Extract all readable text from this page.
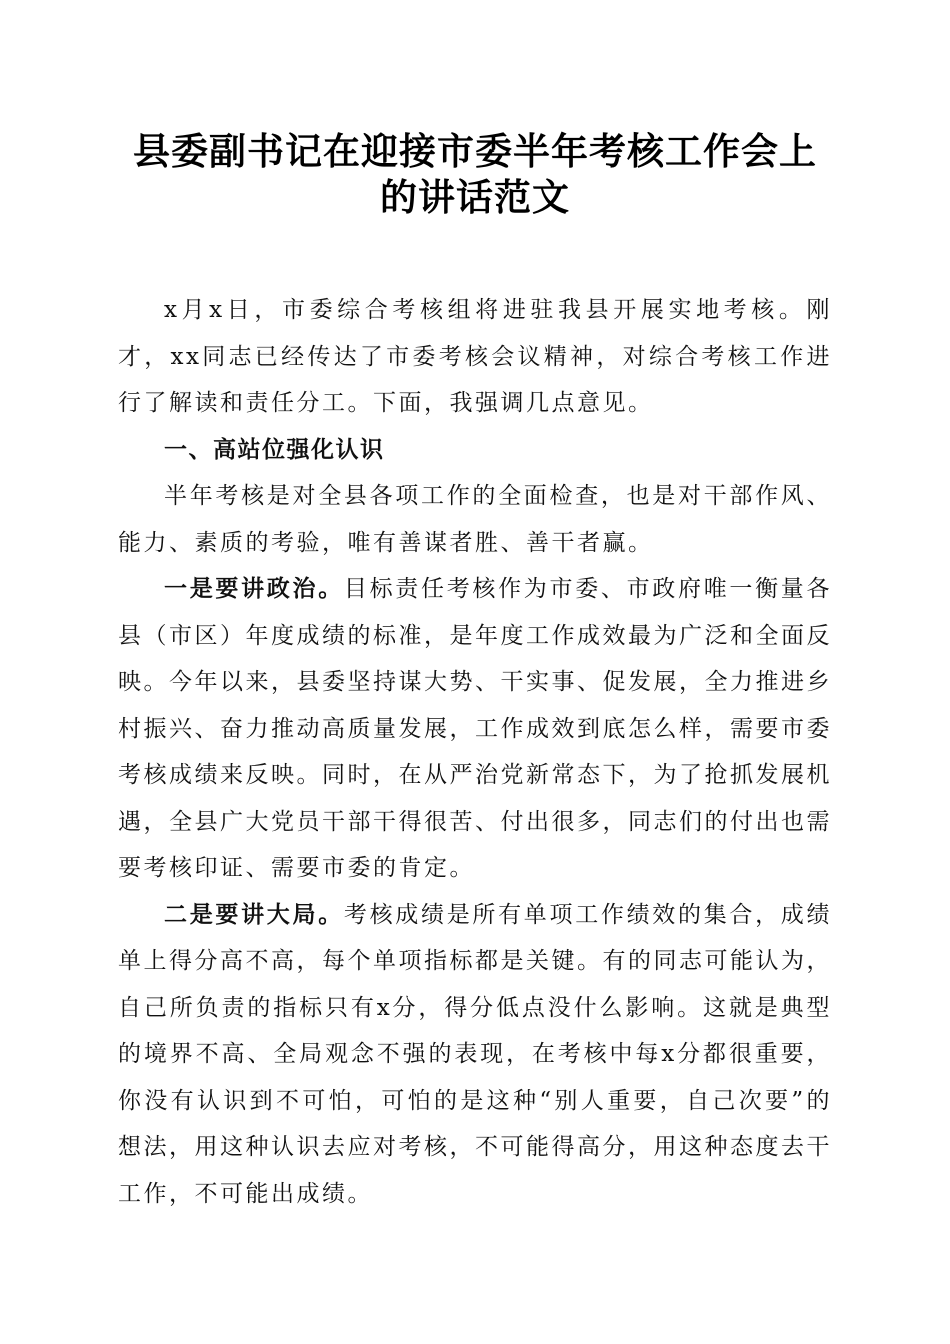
县委副书记在迎接市委半年考核工作会上的讲话范文

x月x日，市委综合考核组将进驻我县开展实地考核。刚才，xx同志已经传达了市委考核会议精神，对综合考核工作进行了解读和责任分工。下面，我强调几点意见。

一、高站位强化认识

半年考核是对全县各项工作的全面检查，也是对干部作风、能力、素质的考验，唯有善谋者胜、善干者赢。

一是要讲政治。目标责任考核作为市委、市政府唯一衡量各县（市区）年度成绩的标准，是年度工作成效最为广泛和全面反映。今年以来，县委坚持谋大势、干实事、促发展，全力推进乡村振兴、奋力推动高质量发展，工作成效到底怎么样，需要市委考核成绩来反映。同时，在从严治党新常态下，为了抢抓发展机遇，全县广大党员干部干得很苦、付出很多，同志们的付出也需要考核印证、需要市委的肯定。

二是要讲大局。考核成绩是所有单项工作绩效的集合，成绩单上得分高不高，每个单项指标都是关键。有的同志可能认为，自己所负责的指标只有x分，得分低点没什么影响。这就是典型的境界不高、全局观念不强的表现，在考核中每x分都很重要，你没有认识到不可怕，可怕的是这种“别人重要，自己次要”的想法，用这种认识去应对考核，不可能得高分，用这种态度去干工作，不可能出成绩。
